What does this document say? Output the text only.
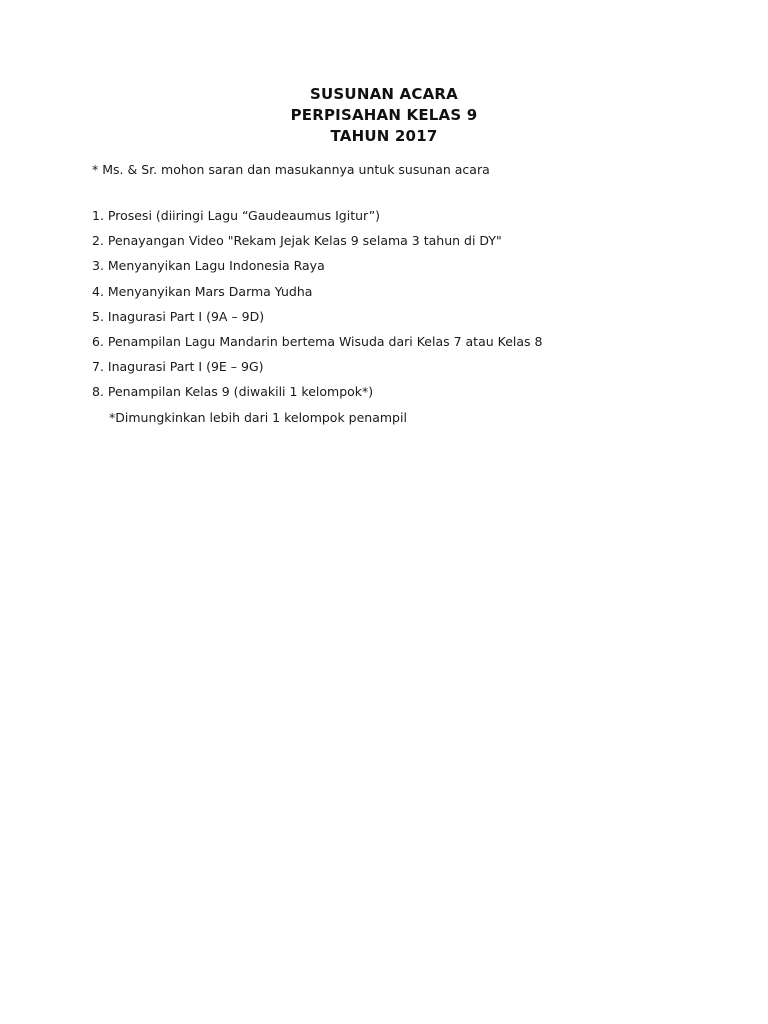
SUSUNAN ACARA
PERPISAHAN KELAS 9
TAHUN 2017
* Ms. & Sr. mohon saran dan masukannya untuk susunan acara
1. Prosesi (diiringi Lagu “Gaudeaumus Igitur”)
2. Penayangan Video "Rekam Jejak Kelas 9 selama 3 tahun di DY"
3. Menyanyikan Lagu Indonesia Raya
4. Menyanyikan Mars Darma Yudha
5. Inagurasi Part I (9A – 9D)
6. Penampilan Lagu Mandarin bertema Wisuda dari Kelas 7 atau Kelas 8
7. Inagurasi Part I (9E – 9G)
8. Penampilan Kelas 9 (diwakili 1 kelompok*)
*Dimungkinkan lebih dari 1 kelompok penampil
